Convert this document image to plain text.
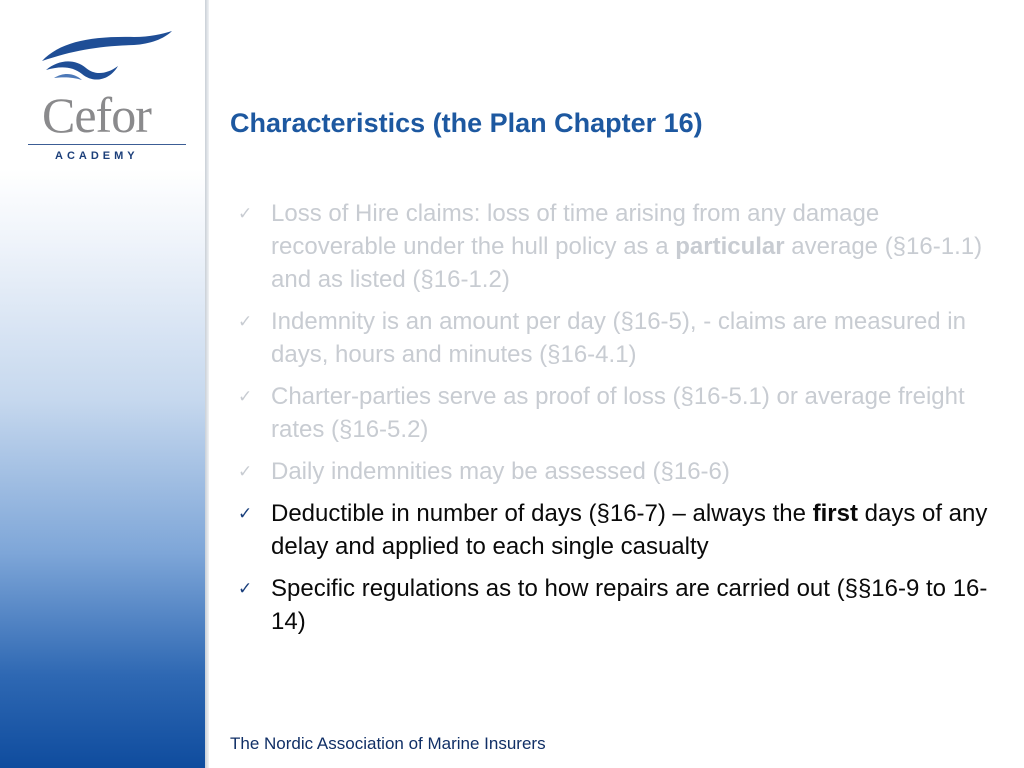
Cefor
ACADEMY
Characteristics (the Plan Chapter 16)
✓ Loss of Hire claims: loss of time arising from any damage recoverable under the hull policy as a particular average (§16-1.1) and as listed (§16-1.2)
✓ Indemnity is an amount per day (§16-5), - claims are measured in days, hours and minutes (§16-4.1)
✓ Charter-parties serve as proof of loss (§16-5.1) or average freight rates (§16-5.2)
✓ Daily indemnities may be assessed (§16-6)
✓ Deductible in number of days (§16-7) – always the first days of any delay and applied to each single casualty
✓ Specific regulations as to how repairs are carried out (§§16-9 to 16-14)
The Nordic Association of Marine Insurers
